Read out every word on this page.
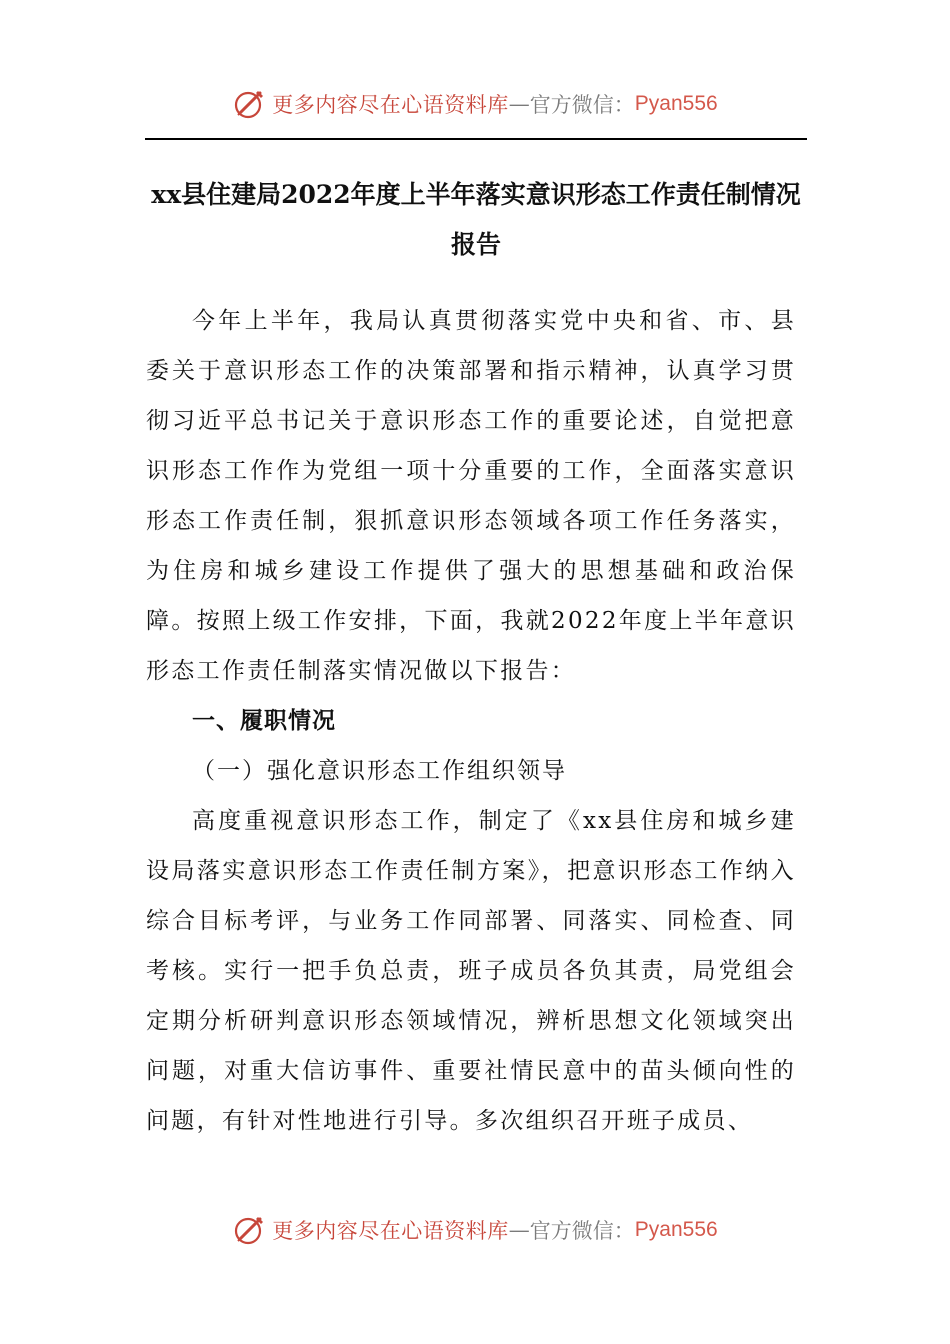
更多内容尽在心语资料库 — 官方微信： Pyan556
xx县住建局2022年度上半年落实意识形态工作责任制情况报告

今年上半年，我局认真贯彻落实党中央和省、市、县委关于意识形态工作的决策部署和指示精神，认真学习贯彻习近平总书记关于意识形态工作的重要论述，自觉把意识形态工作作为党组一项十分重要的工作，全面落实意识形态工作责任制，狠抓意识形态领域各项工作任务落实，为住房和城乡建设工作提供了强大的思想基础和政治保障。按照上级工作安排，下面，我就2022年度上半年意识形态工作责任制落实情况做以下报告：

一、履职情况

（一）强化意识形态工作组织领导

高度重视意识形态工作，制定了《xx县住房和城乡建设局落实意识形态工作责任制方案》，把意识形态工作纳入综合目标考评，与业务工作同部署、同落实、同检查、同考核。实行一把手负总责，班子成员各负其责，局党组会定期分析研判意识形态领域情况，辨析思想文化领域突出问题，对重大信访事件、重要社情民意中的苗头倾向性的问题，有针对性地进行引导。多次组织召开班子成员、

更多内容尽在心语资料库 — 官方微信： Pyan556
